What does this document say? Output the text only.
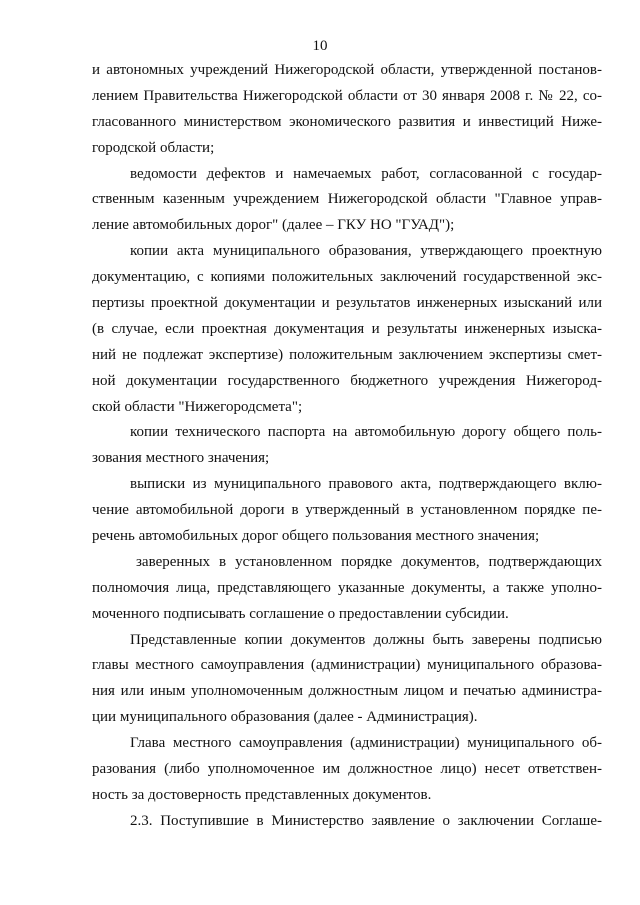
10
и автономных учреждений Нижегородской области, утвержденной постанов-
лением Правительства Нижегородской области от 30 января 2008 г. № 22, со-
гласованного министерством экономического развития и инвестиций Ниже-
городской области;
ведомости дефектов и намечаемых работ, согласованной с государ-
ственным казенным учреждением Нижегородской области "Главное управ-
ление автомобильных дорог" (далее – ГКУ НО "ГУАД");
копии акта муниципального образования, утверждающего проектную
документацию, с копиями положительных заключений государственной экс-
пертизы проектной документации и результатов инженерных изысканий или
(в случае, если проектная документация и результаты инженерных изыска-
ний не подлежат экспертизе) положительным заключением экспертизы смет-
ной документации государственного бюджетного учреждения Нижегород-
ской области "Нижегородсмета";
копии технического паспорта на автомобильную дорогу общего поль-
зования местного значения;
выписки из муниципального правового акта, подтверждающего вклю-
чение автомобильной дороги в утвержденный в установленном порядке пе-
речень автомобильных дорог общего пользования местного значения;
заверенных в установленном порядке документов, подтверждающих
полномочия лица, представляющего указанные документы, а также уполно-
моченного подписывать соглашение о предоставлении субсидии.
Представленные копии документов должны быть заверены подписью
главы местного самоуправления (администрации) муниципального образова-
ния или иным уполномоченным должностным лицом и печатью администра-
ции муниципального образования (далее - Администрация).
Глава местного самоуправления (администрации) муниципального об-
разования (либо уполномоченное им должностное лицо) несет ответствен-
ность за достоверность представленных документов.
2.3. Поступившие в Министерство заявление о заключении Соглаше-
